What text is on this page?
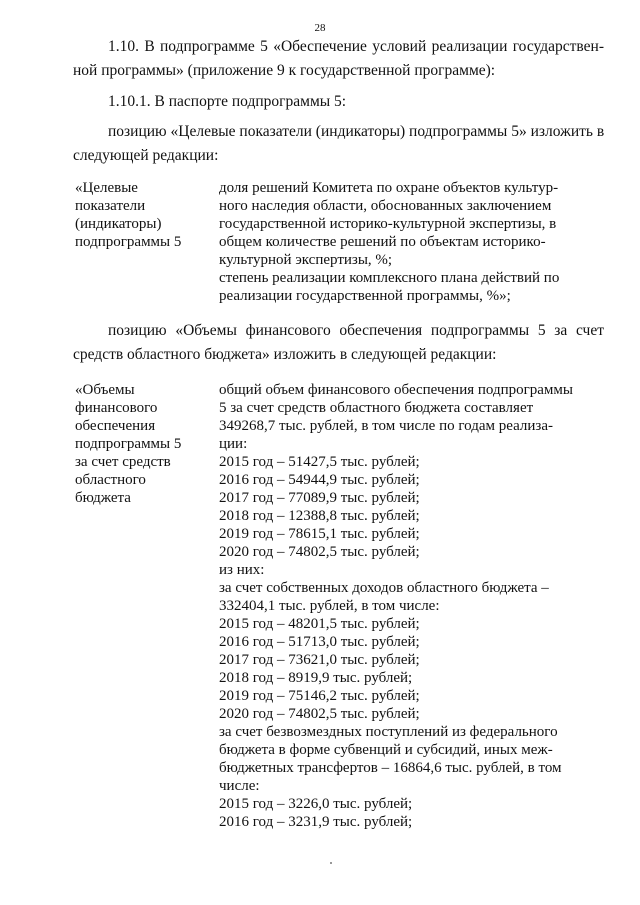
28
1.10. В подпрограмме 5 «Обеспечение условий реализации государствен-
ной программы» (приложение 9 к государственной программе):
1.10.1. В паспорте подпрограммы 5:
позицию «Целевые показатели (индикаторы) подпрограммы 5» изложить в
следующей редакции:
«Целевые
показатели
(индикаторы)
подпрограммы 5
доля решений Комитета по охране объектов культур-
ного наследия области, обоснованных заключением
государственной историко-культурной экспертизы, в
общем количестве решений по объектам историко-
культурной экспертизы, %;
степень реализации комплексного плана действий по
реализации государственной программы, %»;
позицию «Объемы финансового обеспечения подпрограммы 5 за счет
средств областного бюджета» изложить в следующей редакции:
«Объемы
финансового
обеспечения
подпрограммы 5
за счет средств
областного
бюджета
общий объем финансового обеспечения подпрограммы
5 за счет средств областного бюджета составляет
349268,7 тыс. рублей, в том числе по годам реализа-
ции:
2015 год – 51427,5 тыс. рублей;
2016 год – 54944,9 тыс. рублей;
2017 год – 77089,9 тыс. рублей;
2018 год – 12388,8 тыс. рублей;
2019 год – 78615,1 тыс. рублей;
2020 год – 74802,5 тыс. рублей;
из них:
за счет собственных доходов областного бюджета –
332404,1 тыс. рублей, в том числе:
2015 год – 48201,5 тыс. рублей;
2016 год – 51713,0 тыс. рублей;
2017 год – 73621,0 тыс. рублей;
2018 год – 8919,9 тыс. рублей;
2019 год – 75146,2 тыс. рублей;
2020 год – 74802,5 тыс. рублей;
за счет безвозмездных поступлений из федерального
бюджета в форме субвенций и субсидий, иных меж-
бюджетных трансфертов – 16864,6 тыс. рублей, в том
числе:
2015 год – 3226,0 тыс. рублей;
2016 год – 3231,9 тыс. рублей;
